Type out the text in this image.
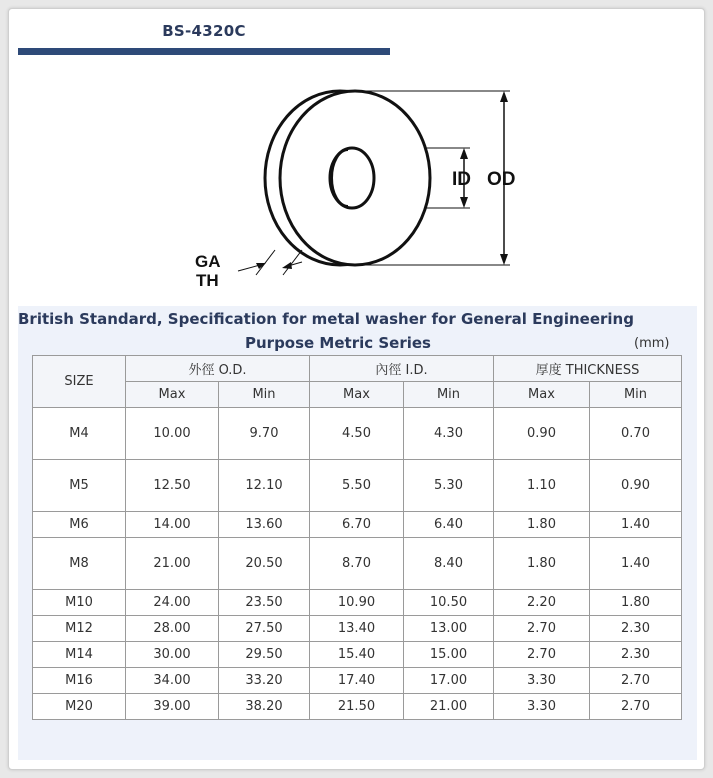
BS-4320C
ID OD
GA
TH
British Standard, Specification for metal washer for General Engineering
Purpose Metric Series	(mm)
SIZE	外徑 O.D.		內徑 I.D.		厚度 THICKNESS	
	Max	Min	Max	Min	Max	Min
M4	10.00	9.70	4.50	4.30	0.90	0.70
M5	12.50	12.10	5.50	5.30	1.10	0.90
M6	14.00	13.60	6.70	6.40	1.80	1.40
M8	21.00	20.50	8.70	8.40	1.80	1.40
M10	24.00	23.50	10.90	10.50	2.20	1.80
M12	28.00	27.50	13.40	13.00	2.70	2.30
M14	30.00	29.50	15.40	15.00	2.70	2.30
M16	34.00	33.20	17.40	17.00	3.30	2.70
M20	39.00	38.20	21.50	21.00	3.30	2.70
